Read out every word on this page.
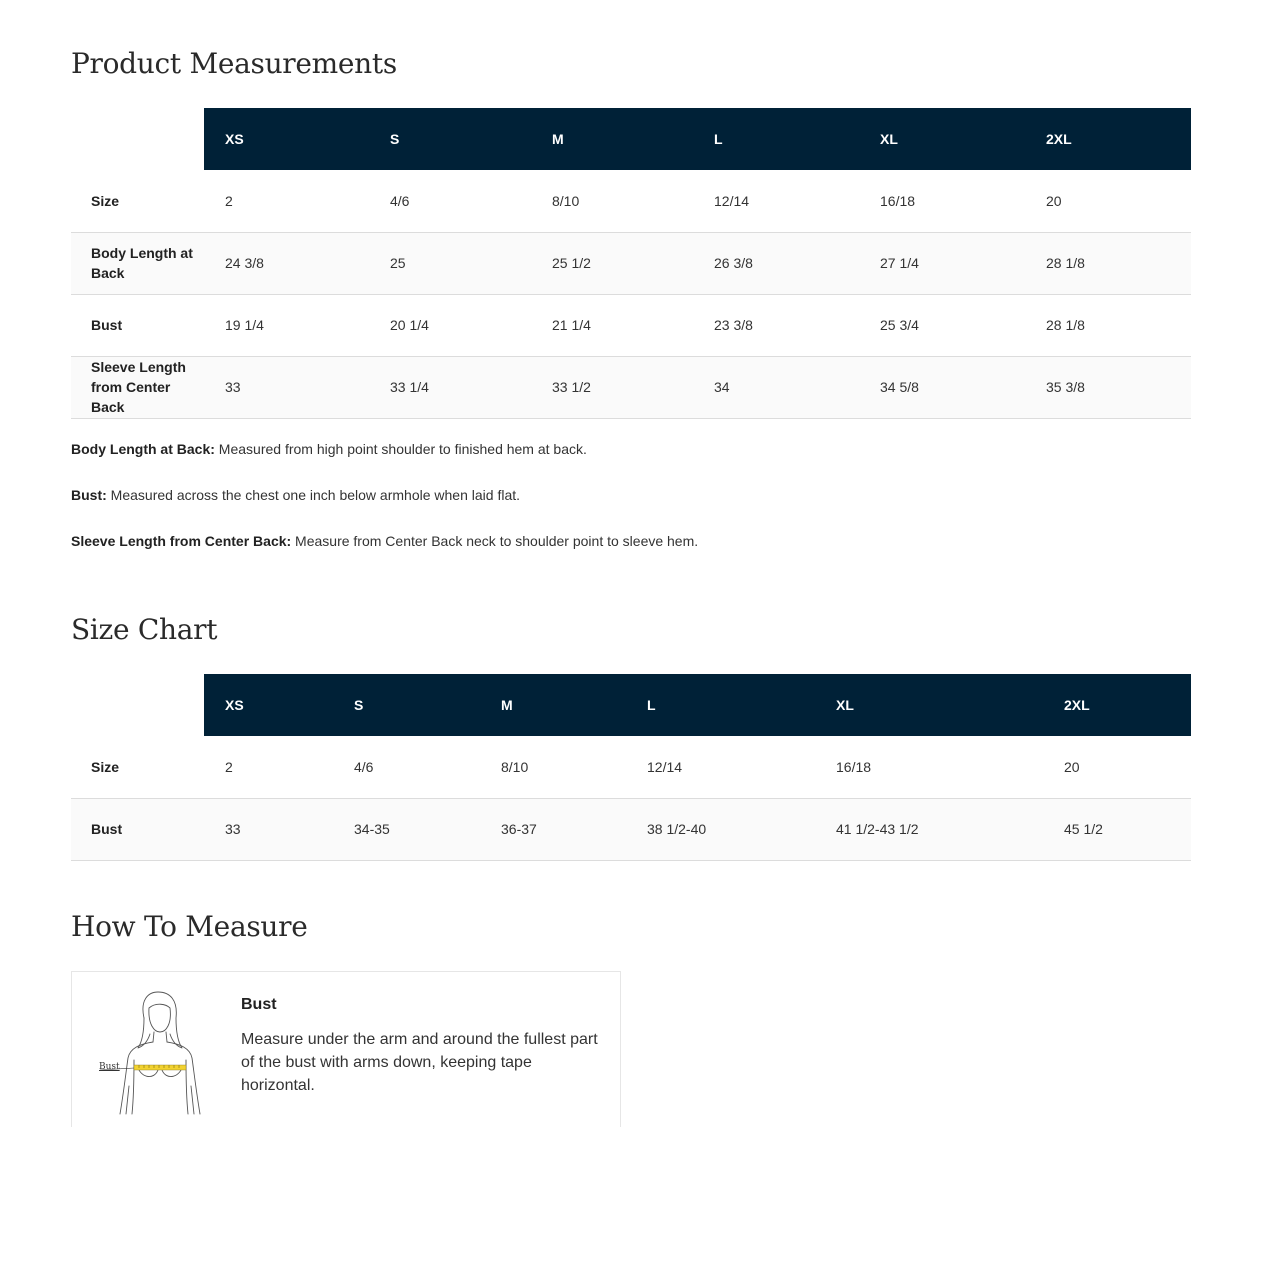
Product Measurements
	XS	S	M	L	XL	2XL
Size	2	4/6	8/10	12/14	16/18	20
Body Length at Back	24 3/8	25	25 1/2	26 3/8	27 1/4	28 1/8
Bust	19 1/4	20 1/4	21 1/4	23 3/8	25 3/4	28 1/8
Sleeve Length from Center Back	33	33 1/4	33 1/2	34	34 5/8	35 3/8

Body Length at Back: Measured from high point shoulder to finished hem at back.

Bust: Measured across the chest one inch below armhole when laid flat.

Sleeve Length from Center Back: Measure from Center Back neck to shoulder point to sleeve hem.

Size Chart
	XS	S	M	L	XL	2XL
Size	2	4/6	8/10	12/14	16/18	20
Bust	33	34-35	36-37	38 1/2-40	41 1/2-43 1/2	45 1/2
How To Measure
Bust
Bust

Measure under the arm and around the fullest part of the bust with arms down, keeping tape horizontal.
